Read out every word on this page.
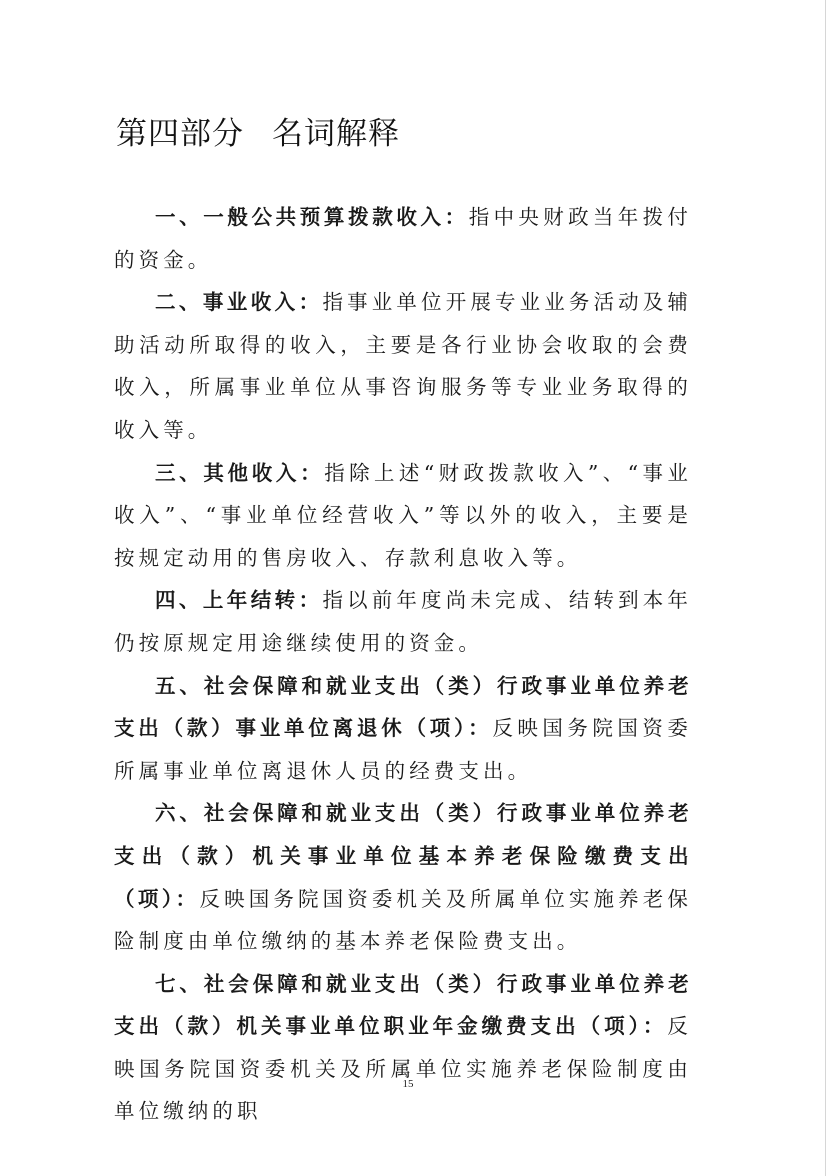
第四部分 名词解释

一、一般公共预算拨款收入：指中央财政当年拨付的资金。

二、事业收入：指事业单位开展专业业务活动及辅助活动所取得的收入，主要是各行业协会收取的会费收入，所属事业单位从事咨询服务等专业业务取得的收入等。

三、其他收入：指除上述“财政拨款收入”、“事业收入”、“事业单位经营收入”等以外的收入，主要是按规定动用的售房收入、存款利息收入等。

四、上年结转：指以前年度尚未完成、结转到本年仍按原规定用途继续使用的资金。

五、社会保障和就业支出（类）行政事业单位养老支出（款）事业单位离退休（项）：反映国务院国资委所属事业单位离退休人员的经费支出。

六、社会保障和就业支出（类）行政事业单位养老支出（款）机关事业单位基本养老保险缴费支出（项）：反映国务院国资委机关及所属单位实施养老保险制度由单位缴纳的基本养老保险费支出。

七、社会保障和就业支出（类）行政事业单位养老支出（款）机关事业单位职业年金缴费支出（项）：反映国务院国资委机关及所属单位实施养老保险制度由单位缴纳的职

15
